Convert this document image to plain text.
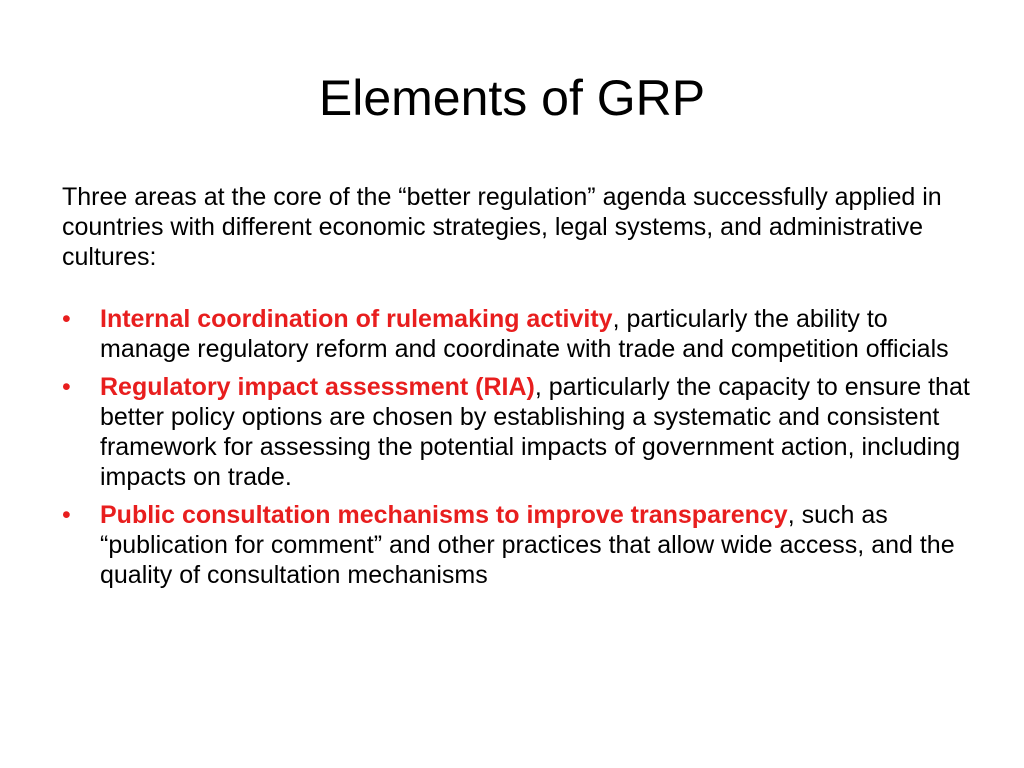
Elements of GRP

Three areas at the core of the “better regulation” agenda successfully applied in countries with different economic strategies, legal systems, and administrative cultures:

•	Internal coordination of rulemaking activity, particularly the ability to manage regulatory reform and coordinate with trade and competition officials
•	Regulatory impact assessment (RIA), particularly the capacity to ensure that better policy options are chosen by establishing a systematic and consistent framework for assessing the potential impacts of government action, including impacts on trade.
•	Public consultation mechanisms to improve transparency, such as “publication for comment” and other practices that allow wide access, and the quality of consultation mechanisms
